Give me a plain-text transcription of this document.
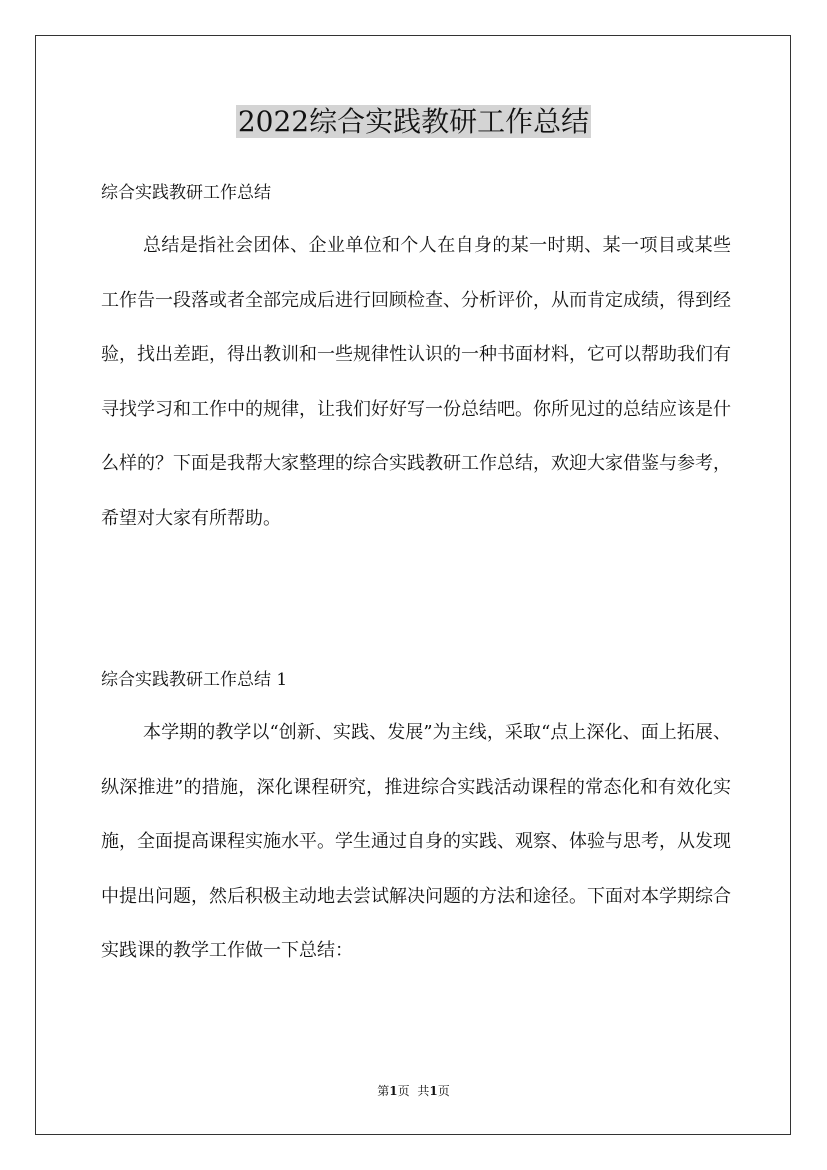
2022综合实践教研工作总结
综合实践教研工作总结

总结是指社会团体、企业单位和个人在自身的某一时期、某一项目或某些工作告一段落或者全部完成后进行回顾检查、分析评价，从而肯定成绩，得到经验，找出差距，得出教训和一些规律性认识的一种书面材料，它可以帮助我们有寻找学习和工作中的规律，让我们好好写一份总结吧。你所见过的总结应该是什么样的？下面是我帮大家整理的综合实践教研工作总结，欢迎大家借鉴与参考，希望对大家有所帮助。

综合实践教研工作总结 1

本学期的教学以“创新、实践、发展”为主线，采取“点上深化、面上拓展、纵深推进”的措施，深化课程研究，推进综合实践活动课程的常态化和有效化实施，全面提高课程实施水平。学生通过自身的实践、观察、体验与思考，从发现中提出问题，然后积极主动地去尝试解决问题的方法和途径。下面对本学期综合实践课的教学工作做一下总结：

第1页 共1页
